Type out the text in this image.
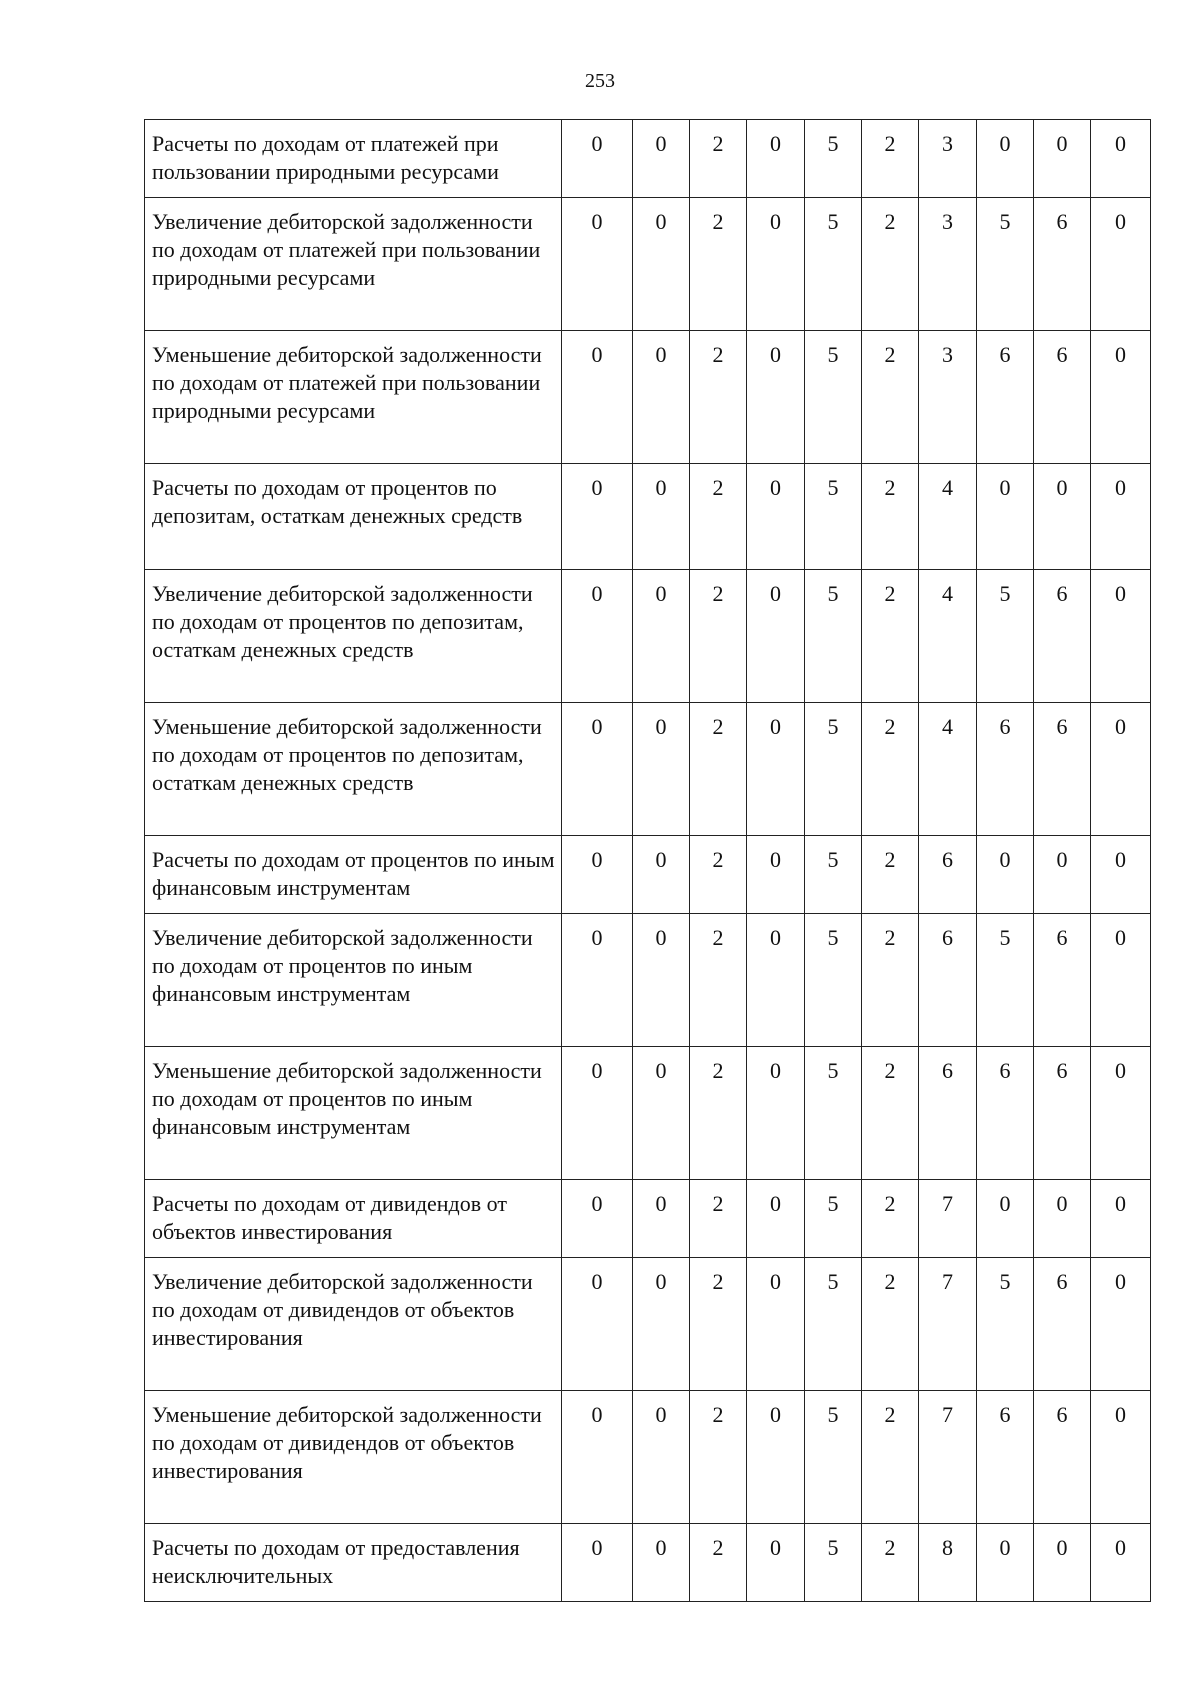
253
Расчеты по доходам от платежей при пользовании природными ресурсами	0	0	2	0	5	2	3	0	0	0
Увеличение дебиторской задолженности по доходам от платежей при пользовании природными ресурсами	0	0	2	0	5	2	3	5	6	0
Уменьшение дебиторской задолженности по доходам от платежей при пользовании природными ресурсами	0	0	2	0	5	2	3	6	6	0
Расчеты по доходам от процентов по депозитам, остаткам денежных средств	0	0	2	0	5	2	4	0	0	0
Увеличение дебиторской задолженности по доходам от процентов по депозитам, остаткам денежных средств	0	0	2	0	5	2	4	5	6	0
Уменьшение дебиторской задолженности по доходам от процентов по депозитам, остаткам денежных средств	0	0	2	0	5	2	4	6	6	0
Расчеты по доходам от процентов по иным финансовым инструментам	0	0	2	0	5	2	6	0	0	0
Увеличение дебиторской задолженности по доходам от процентов по иным финансовым инструментам	0	0	2	0	5	2	6	5	6	0
Уменьшение дебиторской задолженности по доходам от процентов по иным финансовым инструментам	0	0	2	0	5	2	6	6	6	0
Расчеты по доходам от дивидендов от объектов инвестирования	0	0	2	0	5	2	7	0	0	0
Увеличение дебиторской задолженности по доходам от дивидендов от объектов инвестирования	0	0	2	0	5	2	7	5	6	0
Уменьшение дебиторской задолженности по доходам от дивидендов от объектов инвестирования	0	0	2	0	5	2	7	6	6	0
Расчеты по доходам от предоставления неисключительных	0	0	2	0	5	2	8	0	0	0
